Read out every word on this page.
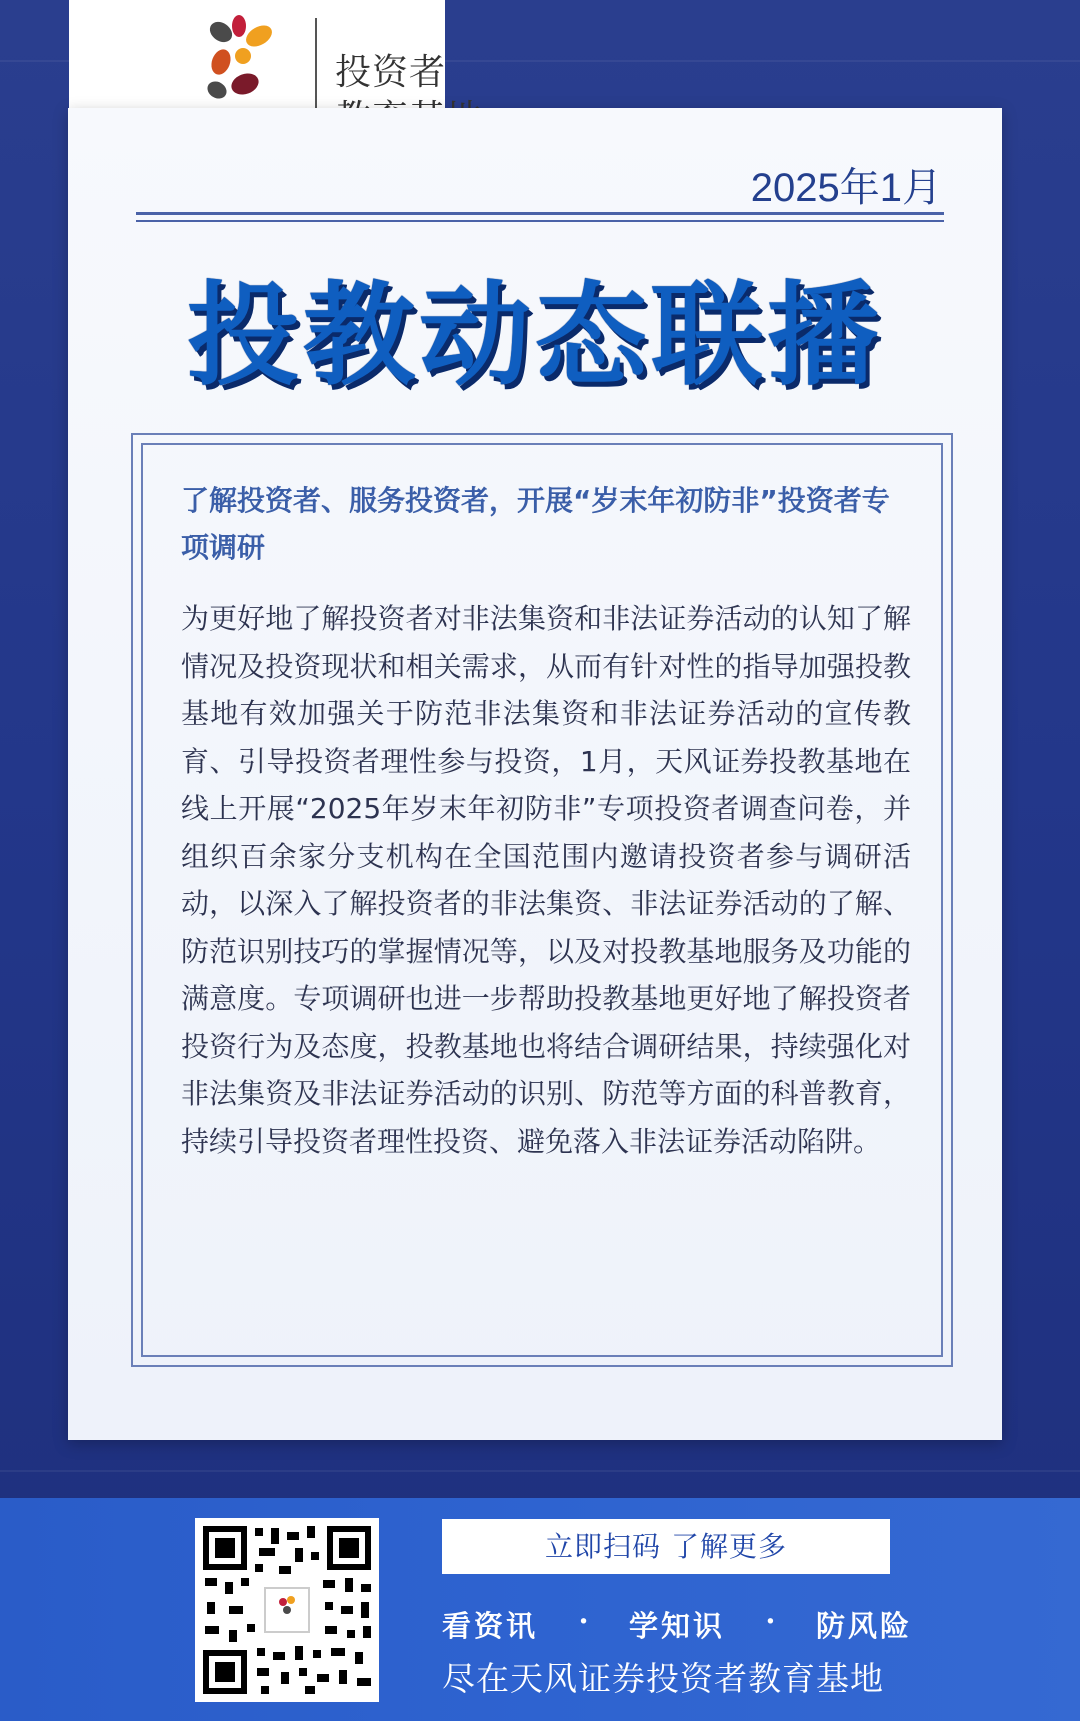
投资者
2025年1月
投教动态联播
了解投资者、服务投资者，开展“岁末年初防非”投资者专项调研
为更好地了解投资者对非法集资和非法证券活动的认知了解情况及投资现状和相关需求，从而有针对性的指导加强投教基地有效加强关于防范非法集资和非法证券活动的宣传教育、引导投资者理性参与投资，1月，天风证券投教基地在线上开展“2025年岁末年初防非”专项投资者调查问卷，并组织百余家分支机构在全国范围内邀请投资者参与调研活动，以深入了解投资者的非法集资、非法证券活动的了解、防范识别技巧的掌握情况等，以及对投教基地服务及功能的满意度。专项调研也进一步帮助投教基地更好地了解投资者投资行为及态度，投教基地也将结合调研结果，持续强化对非法集资及非法证券活动的识别、防范等方面的科普教育，持续引导投资者理性投资、避免落入非法证券活动陷阱。
立即扫码 了解更多
看资讯 · 学知识 · 防风险
尽在天风证券投资者教育基地
